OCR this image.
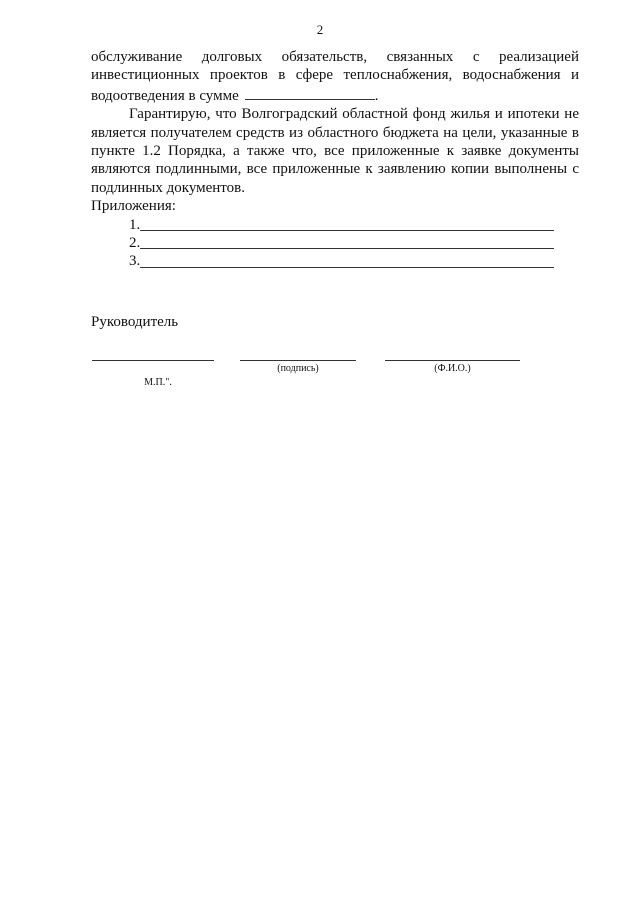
2

обслуживание долговых обязательств, связанных с реализацией инвестиционных проектов в сфере теплоснабжения, водоснабжения и водоотведения в сумме	.

Гарантирую, что Волгоградский областной фонд жилья и ипотеки не является получателем средств из областного бюджета на цели, указанные в пункте 1.2 Порядка, а также что, все приложенные к заявке документы являются подлинными, все приложенные к заявлению копии выполнены с подлинных документов.

Приложения:

1.
2.
3.
Руководитель
(подпись)	(Ф.И.О.)
М.П.".
